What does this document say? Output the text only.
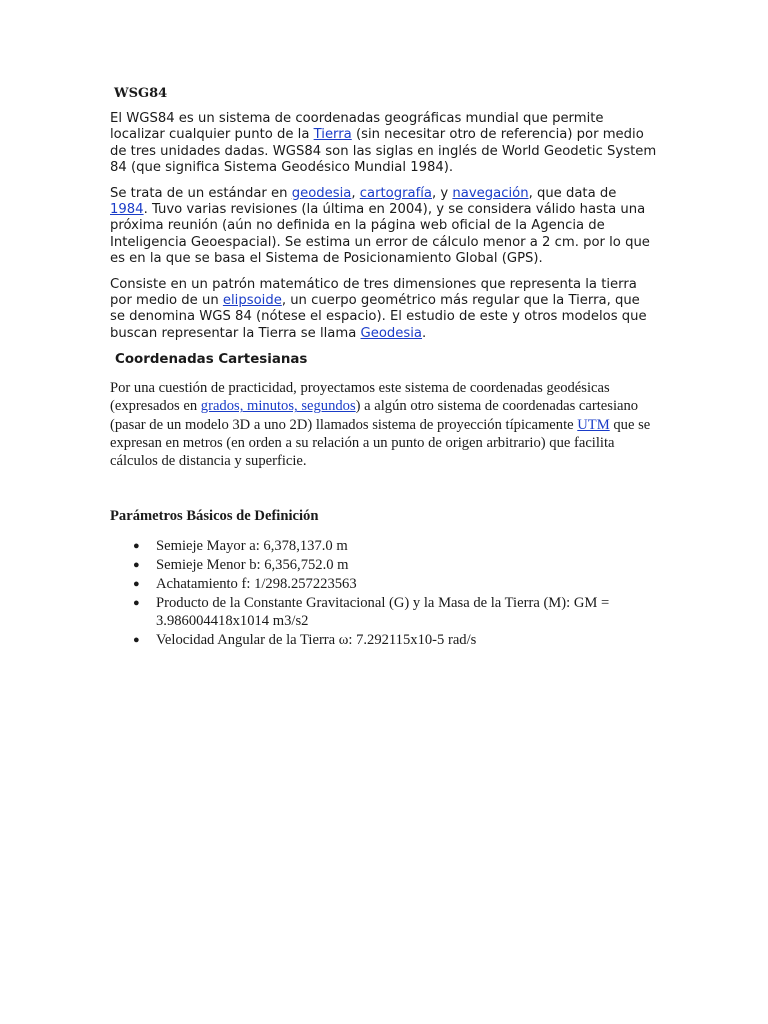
WSG84

El WGS84 es un sistema de coordenadas geográficas mundial que permite localizar cualquier punto de la Tierra (sin necesitar otro de referencia) por medio de tres unidades dadas. WGS84 son las siglas en inglés de World Geodetic System 84 (que significa Sistema Geodésico Mundial 1984).

Se trata de un estándar en geodesia, cartografía, y navegación, que data de 1984. Tuvo varias revisiones (la última en 2004), y se considera válido hasta una próxima reunión (aún no definida en la página web oficial de la Agencia de Inteligencia Geoespacial). Se estima un error de cálculo menor a 2 cm. por lo que es en la que se basa el Sistema de Posicionamiento Global (GPS).

Consiste en un patrón matemático de tres dimensiones que representa la tierra por medio de un elipsoide, un cuerpo geométrico más regular que la Tierra, que se denomina WGS 84 (nótese el espacio). El estudio de este y otros modelos que buscan representar la Tierra se llama Geodesia.

Coordenadas Cartesianas

Por una cuestión de practicidad, proyectamos este sistema de coordenadas geodésicas (expresados en grados, minutos, segundos) a algún otro sistema de coordenadas cartesiano (pasar de un modelo 3D a uno 2D) llamados sistema de proyección típicamente UTM que se expresan en metros (en orden a su relación a un punto de origen arbitrario) que facilita cálculos de distancia y superficie.

Parámetros Básicos de Definición
● Semieje Mayor a: 6,378,137.0 m
● Semieje Menor b: 6,356,752.0 m
● Achatamiento f: 1/298.257223563
● Producto de la Constante Gravitacional (G) y la Masa de la Tierra (M): GM = 3.986004418x1014 m3/s2
● Velocidad Angular de la Tierra ω: 7.292115x10-5 rad/s
